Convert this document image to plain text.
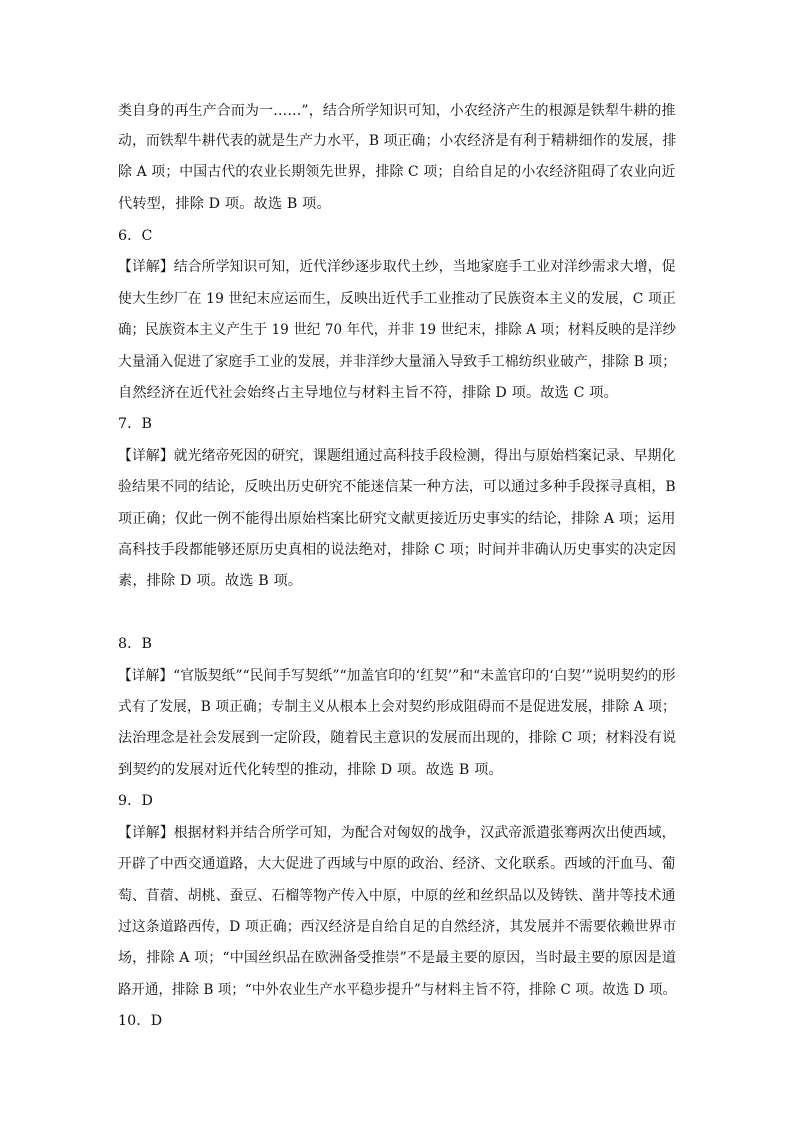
类自身的再生产合而为一……”，结合所学知识可知，小农经济产生的根源是铁犁牛耕的推
动，而铁犁牛耕代表的就是生产力水平，B 项正确；小农经济是有利于精耕细作的发展，排
除 A 项；中国古代的农业长期领先世界，排除 C 项；自给自足的小农经济阻碍了农业向近
代转型，排除 D 项。故选 B 项。
6．C
【详解】结合所学知识可知，近代洋纱逐步取代土纱，当地家庭手工业对洋纱需求大增，促
使大生纱厂在 19 世纪末应运而生，反映出近代手工业推动了民族资本主义的发展，C 项正
确；民族资本主义产生于 19 世纪 70 年代，并非 19 世纪末，排除 A 项；材料反映的是洋纱
大量涌入促进了家庭手工业的发展，并非洋纱大量涌入导致手工棉纺织业破产，排除 B 项；
自然经济在近代社会始终占主导地位与材料主旨不符，排除 D 项。故选 C 项。
7．B
【详解】就光绪帝死因的研究，课题组通过高科技手段检测，得出与原始档案记录、早期化
验结果不同的结论，反映出历史研究不能迷信某一种方法，可以通过多种手段探寻真相，B
项正确；仅此一例不能得出原始档案比研究文献更接近历史事实的结论，排除 A 项；运用
高科技手段都能够还原历史真相的说法绝对，排除 C 项；时间并非确认历史事实的决定因
素，排除 D 项。故选 B 项。
8．B
【详解】“官版契纸”“民间手写契纸”“加盖官印的‘红契’”和“未盖官印的‘白契’”说明契约的形
式有了发展，B 项正确；专制主义从根本上会对契约形成阻碍而不是促进发展，排除 A 项；
法治理念是社会发展到一定阶段，随着民主意识的发展而出现的，排除 C 项；材料没有说
到契约的发展对近代化转型的推动，排除 D 项。故选 B 项。
9．D
【详解】根据材料并结合所学可知，为配合对匈奴的战争，汉武帝派遣张骞两次出使西域，
开辟了中西交通道路，大大促进了西域与中原的政治、经济、文化联系。西域的汗血马、葡
萄、苜蓿、胡桃、蚕豆、石榴等物产传入中原，中原的丝和丝织品以及铸铁、凿井等技术通
过这条道路西传，D 项正确；西汉经济是自给自足的自然经济，其发展并不需要依赖世界市
场，排除 A 项；“中国丝织品在欧洲备受推崇”不是最主要的原因，当时最主要的原因是道
路开通，排除 B 项；“中外农业生产水平稳步提升”与材料主旨不符，排除 C 项。故选 D 项。
10．D
